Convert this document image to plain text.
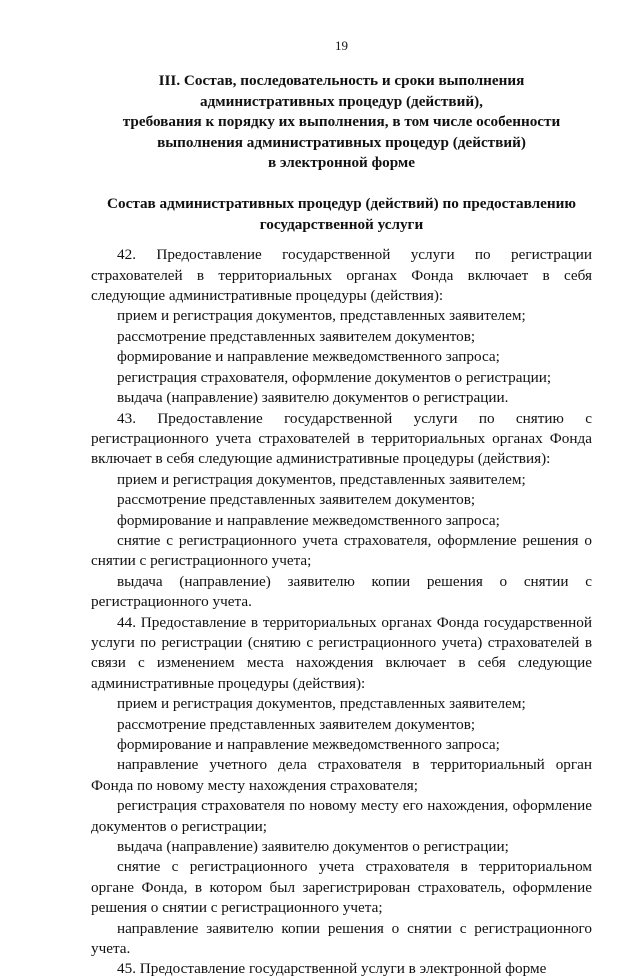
19
III. Состав, последовательность и сроки выполнения
административных процедур (действий),
требования к порядку их выполнения, в том числе особенности
выполнения административных процедур (действий)
в электронной форме
Состав административных процедур (действий) по предоставлению
государственной услуги

42. Предоставление государственной услуги по регистрации страхователей в территориальных органах Фонда включает в себя следующие административные процедуры (действия):

прием и регистрация документов, представленных заявителем;

рассмотрение представленных заявителем документов;

формирование и направление межведомственного запроса;

регистрация страхователя, оформление документов о регистрации;

выдача (направление) заявителю документов о регистрации.

43. Предоставление государственной услуги по снятию с регистрационного учета страхователей в территориальных органах Фонда включает в себя следующие административные процедуры (действия):

прием и регистрация документов, представленных заявителем;

рассмотрение представленных заявителем документов;

формирование и направление межведомственного запроса;

снятие с регистрационного учета страхователя, оформление решения о снятии с регистрационного учета;

выдача (направление) заявителю копии решения о снятии с регистрационного учета.

44. Предоставление в территориальных органах Фонда государственной услуги по регистрации (снятию с регистрационного учета) страхователей в связи с изменением места нахождения включает в себя следующие административные процедуры (действия):

прием и регистрация документов, представленных заявителем;

рассмотрение представленных заявителем документов;

формирование и направление межведомственного запроса;

направление учетного дела страхователя в территориальный орган Фонда по новому месту нахождения страхователя;

регистрация страхователя по новому месту его нахождения, оформление документов о регистрации;

выдача (направление) заявителю документов о регистрации;

снятие с регистрационного учета страхователя в территориальном органе Фонда, в котором был зарегистрирован страхователь, оформление решения о снятии с регистрационного учета;

направление заявителю копии решения о снятии с регистрационного учета.

45. Предоставление государственной услуги в электронной форме
